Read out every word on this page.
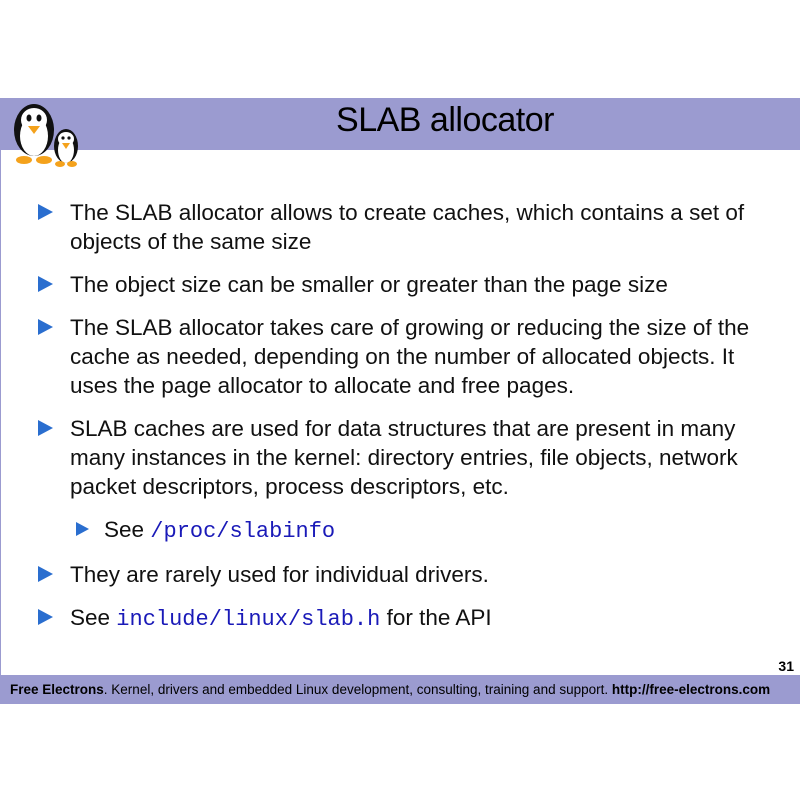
SLAB allocator
The SLAB allocator allows to create caches, which contains a set of objects of the same size
The object size can be smaller or greater than the page size
The SLAB allocator takes care of growing or reducing the size of the cache as needed, depending on the number of allocated objects. It uses the page allocator to allocate and free pages.
SLAB caches are used for data structures that are present in many many instances in the kernel: directory entries, file objects, network packet descriptors, process descriptors, etc.
See /proc/slabinfo
They are rarely used for individual drivers.
See include/linux/slab.h for the API
31
Free Electrons. Kernel, drivers and embedded Linux development, consulting, training and support. http://free-electrons.com
